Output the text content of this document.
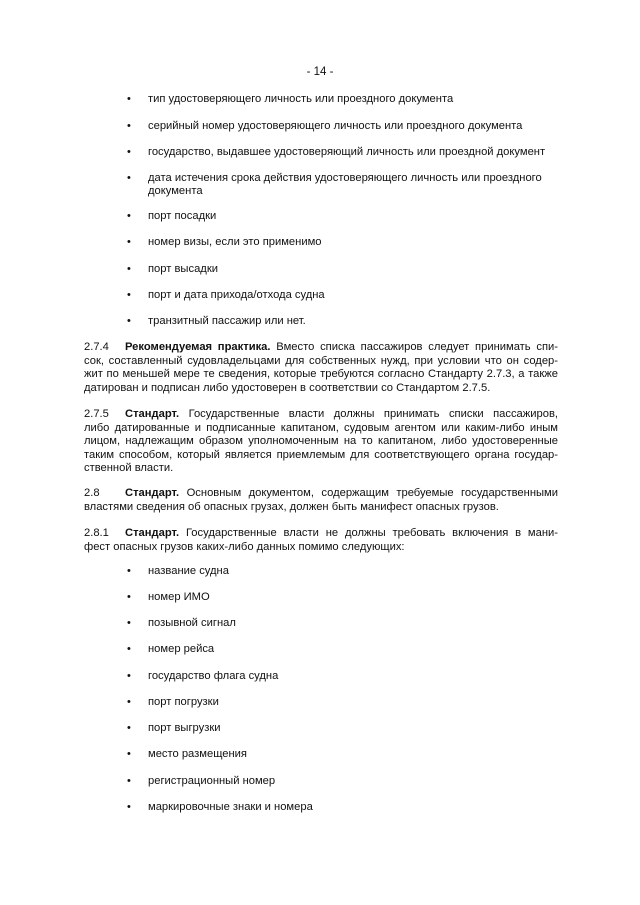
- 14 -
• тип удостоверяющего личность или проездного документа
• серийный номер удостоверяющего личность или проездного документа
• государство, выдавшее удостоверяющий личность или проездной документ
• дата истечения срока действия удостоверяющего личность или проездного
документа
• порт посадки
• номер визы, если это применимо
• порт высадки
• порт и дата прихода/отхода судна
• транзитный пассажир или нет.
2.7.4	Рекомендуемая практика. Вместо списка пассажиров следует принимать спи-
сок, составленный судовладельцами для собственных нужд, при условии что он содер-
жит по меньшей мере те сведения, которые требуются согласно Стандарту 2.7.3, а также
датирован и подписан либо удостоверен в соответствии со Стандартом 2.7.5.
2.7.5	Стандарт. Государственные власти должны принимать списки пассажиров,
либо датированные и подписанные капитаном, судовым агентом или каким-либо иным
лицом, надлежащим образом уполномоченным на то капитаном, либо удостоверенные
таким способом, который является приемлемым для соответствующего органа государ-
ственной власти.
2.8	Стандарт. Основным документом, содержащим требуемые государственными
властями сведения об опасных грузах, должен быть манифест опасных грузов.
2.8.1	Стандарт. Государственные власти не должны требовать включения в мани-
фест опасных грузов каких-либо данных помимо следующих:
• название судна
• номер ИМО
• позывной сигнал
• номер рейса
• государство флага судна
• порт погрузки
• порт выгрузки
• место размещения
• регистрационный номер
• маркировочные знаки и номера
